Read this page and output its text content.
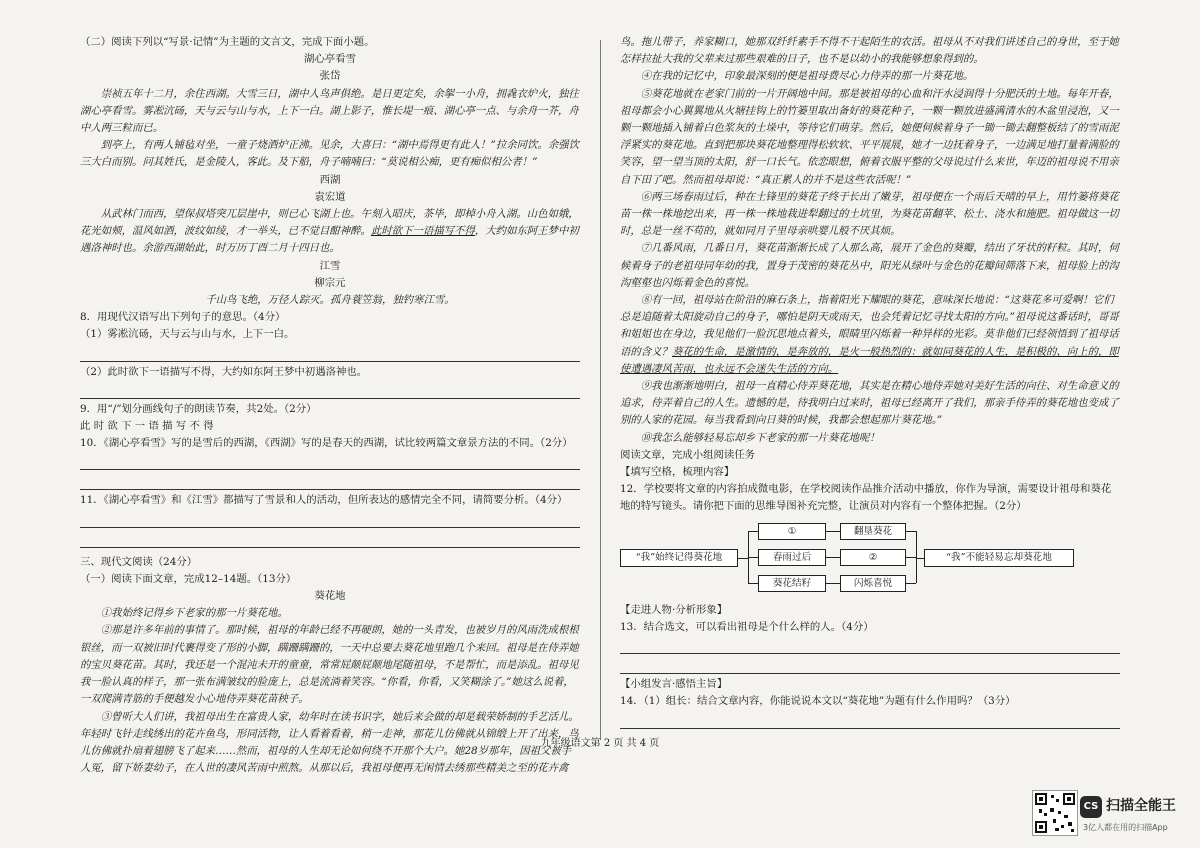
（二）阅读下列以“写景·记情”为主题的文言文，完成下面小题。

湖心亭看雪

张岱

崇祯五年十二月，余住西湖。大雪三日，湖中人鸟声俱绝。是日更定矣，余挐一小舟，拥毳衣炉火，独往湖心亭看雪。雾凇沆砀，天与云与山与水，上下一白。湖上影子，惟长堤一痕、湖心亭一点、与余舟一芥，舟中人两三粒而已。

到亭上，有两人铺毡对坐，一童子烧酒炉正沸。见余，大喜曰：“湖中焉得更有此人！”拉余同饮。余强饮三大白而别。问其姓氏，是金陵人，客此。及下船，舟子喃喃曰：“莫说相公痴，更有痴似相公者！”

西湖

袁宏道

从武林门而西，望保叔塔突兀层崖中，则已心飞湖上也。午刻入昭庆，茶毕，即棹小舟入湖。山色如娥，花光如颊，温风如酒，波纹如绫，才一举头，已不觉目酣神醉。此时欲下一语描写不得，大约如东阿王梦中初遇洛神时也。余游西湖始此，时万历丁酉二月十四日也。

江雪

柳宗元

千山鸟飞绝，万径人踪灭。孤舟蓑笠翁，独钓寒江雪。

8．用现代汉语写出下列句子的意思。（4分）

（1）雾凇沆砀，天与云与山与水，上下一白。

（2）此时欲下一语描写不得，大约如东阿王梦中初遇洛神也。

9．用“/”划分画线句子的朗读节奏，共2处。（2分）

此 时 欲 下 一 语 描 写 不 得

10．《湖心亭看雪》写的是雪后的西湖，《西湖》写的是春天的西湖，试比较两篇文章景方法的不同。（2分）

11．《湖心亭看雪》和《江雪》都描写了雪景和人的活动，但所表达的感情完全不同，请简要分析。（4分）

三、现代文阅读（24分）

（一）阅读下面文章，完成12–14题。（13分）

葵花地

①我始终记得乡下老家的那一片葵花地。

②那是许多年前的事情了。那时候，祖母的年龄已经不再硬朗，她的一头青发，也被岁月的风雨洗成根根银丝，而一双被旧时代裹得变了形的小脚，蹒跚蹒跚的，一天中总要去葵花地里跑几个来回。祖母是在侍弄她的宝贝葵花苗。其时，我还是一个混沌未开的童童，常常屁颠屁颠地尾随祖母，不是帮忙，而是添乱。祖母见我一脸认真的样子，那一张布满皱纹的脸庞上，总是流淌着笑容。“你看，你看，又笑糊涂了。”她这么说着，一双爬满青筋的手便越发小心地侍弄葵花苗秧子。

③曾听大人们讲，我祖母出生在富贵人家，幼年时在读书识字，她后来会做的却是载荣娇制的手艺活儿。年轻时飞针走线绣出的花卉鱼鸟，形同活物，让人看着看着，稍一走神，那花儿仿佛就从锦缎上开了出来，鸟儿仿佛就扑扇着翅膀飞了起来……然而，祖母的人生却无论如何绕不开那个大户。她28岁那年，因祖父被手人冤，留下娇妻幼子，在人世的凄风苦雨中煎熬。从那以后，我祖母便再无闲情去绣那些精美之至的花卉禽

鸟。拖儿带子，养家糊口，她那双纤纤素手不得不干起陌生的农活。祖母从不对我们讲述自己的身世，至于她怎样拉扯大我的父辈来过那些艰难的日子，也不是以幼小的我能够想象得到的。

④在我的记忆中，印象最深刻的便是祖母费尽心力侍弄的那一片葵花地。

⑤葵花地就在老家门前的一片开阔地中间。那是被祖母的心血和汗水浸润得十分肥沃的土地。每年开春，祖母都会小心翼翼地从火塘挂钩上的竹篓里取出备好的葵花种子，一颗一颗放进盛满清水的木盆里浸泡，又一颗一颗地插入铺着白色浆灰的土垛中，等待它们萌芽。然后，她便伺候着身子一锄一锄去翻整板结了的雪雨泥浮紧实的葵花地。直到把那块葵花地整理得松软软、平平展展，她才一边抚着身子，一边满足地打量着满脸的笑容，望一望当顶的太阳，舒一口长气。依恋眼想，俯着衣服平整的父母说过什么来世，年迈的祖母说不用亲自下田了吧。然而祖母却说：“真正累人的并不是这些农活呢！”

⑥两三场春雨过后，种在土锋里的葵花子终于长出了嫩芽，祖母便在一个雨后天晴的早上，用竹篓将葵花苗一株一株地挖出来，再一株一株地栽进犁翻过的土坑里，为葵花苗翻苹、松土、浇水和施肥。祖母做这一切时，总是一丝不苟的，就如同月子里母亲哄婴儿般不厌其烦。

⑦几番风雨，几番日月，葵花苗渐渐长成了人那么高，展开了金色的葵瓣，结出了牙状的籽粒。其时，伺候着身子的老祖母同年幼的我，置身于茂密的葵花丛中，阳光从绿叶与金色的花瓣间筛落下来，祖母脸上的沟沟壑壑也闪烁着金色的喜悦。

⑧有一回，祖母站在阶沿的麻石条上，指着阳光下耀眼的葵花，意味深长地说：“这葵花多可爱啊！它们总是追随着太阳旋动自己的身子，哪怕是阴天或雨天，也会凭着记忆寻找太阳的方向。”祖母说这番话时，哥哥和姐姐也在身边，我见他们一脸沉思地点着头，眼睛里闪烁着一种异样的光彩。莫非他们已经领悟到了祖母话语的含义？葵花的生命，是激情的，是奔放的，是火一般热烈的：就如同葵花的人生，是积极的、向上的，即使遭遇凄风苦雨，也永远不会迷失生活的方向。

⑨我也渐渐地明白，祖母一直精心侍弄葵花地，其实是在精心地侍弄她对美好生活的向往、对生命意义的追求，侍弄着自己的人生。遗憾的是，待我明白过来时，祖母已经离开了我们，那亲手侍弄的葵花地也变成了别的人家的花园。每当我看到向日葵的时候，我都会想起那片葵花地。”

⑩我怎么能够轻易忘却乡下老家的那一片葵花地呢！

阅读文章，完成小组阅读任务

【填写空格，梳理内容】

12．学校要将文章的内容拍成微电影，在学校阅读作品推介活动中播放，你作为导演，需要设计祖母和葵花地的特写镜头。请你把下面的思维导图补充完整，让演员对内容有一个整体把握。（2分）

“我”始终记得葵花地
①
春雨过后
葵花结籽
翻垦葵花
②
闪烁喜悦
“我”不能轻易忘却葵花地

【走进人物·分析形象】

13．结合选文，可以看出祖母是个什么样的人。（4分）

【小组发言·感悟主旨】

14．（1）组长：结合文章内容，你能说说本文以“葵花地”为题有什么作用吗？（3分）

九年级语文第 2 页 共 4 页
CS 扫描全能王
3亿人都在用的扫描App
